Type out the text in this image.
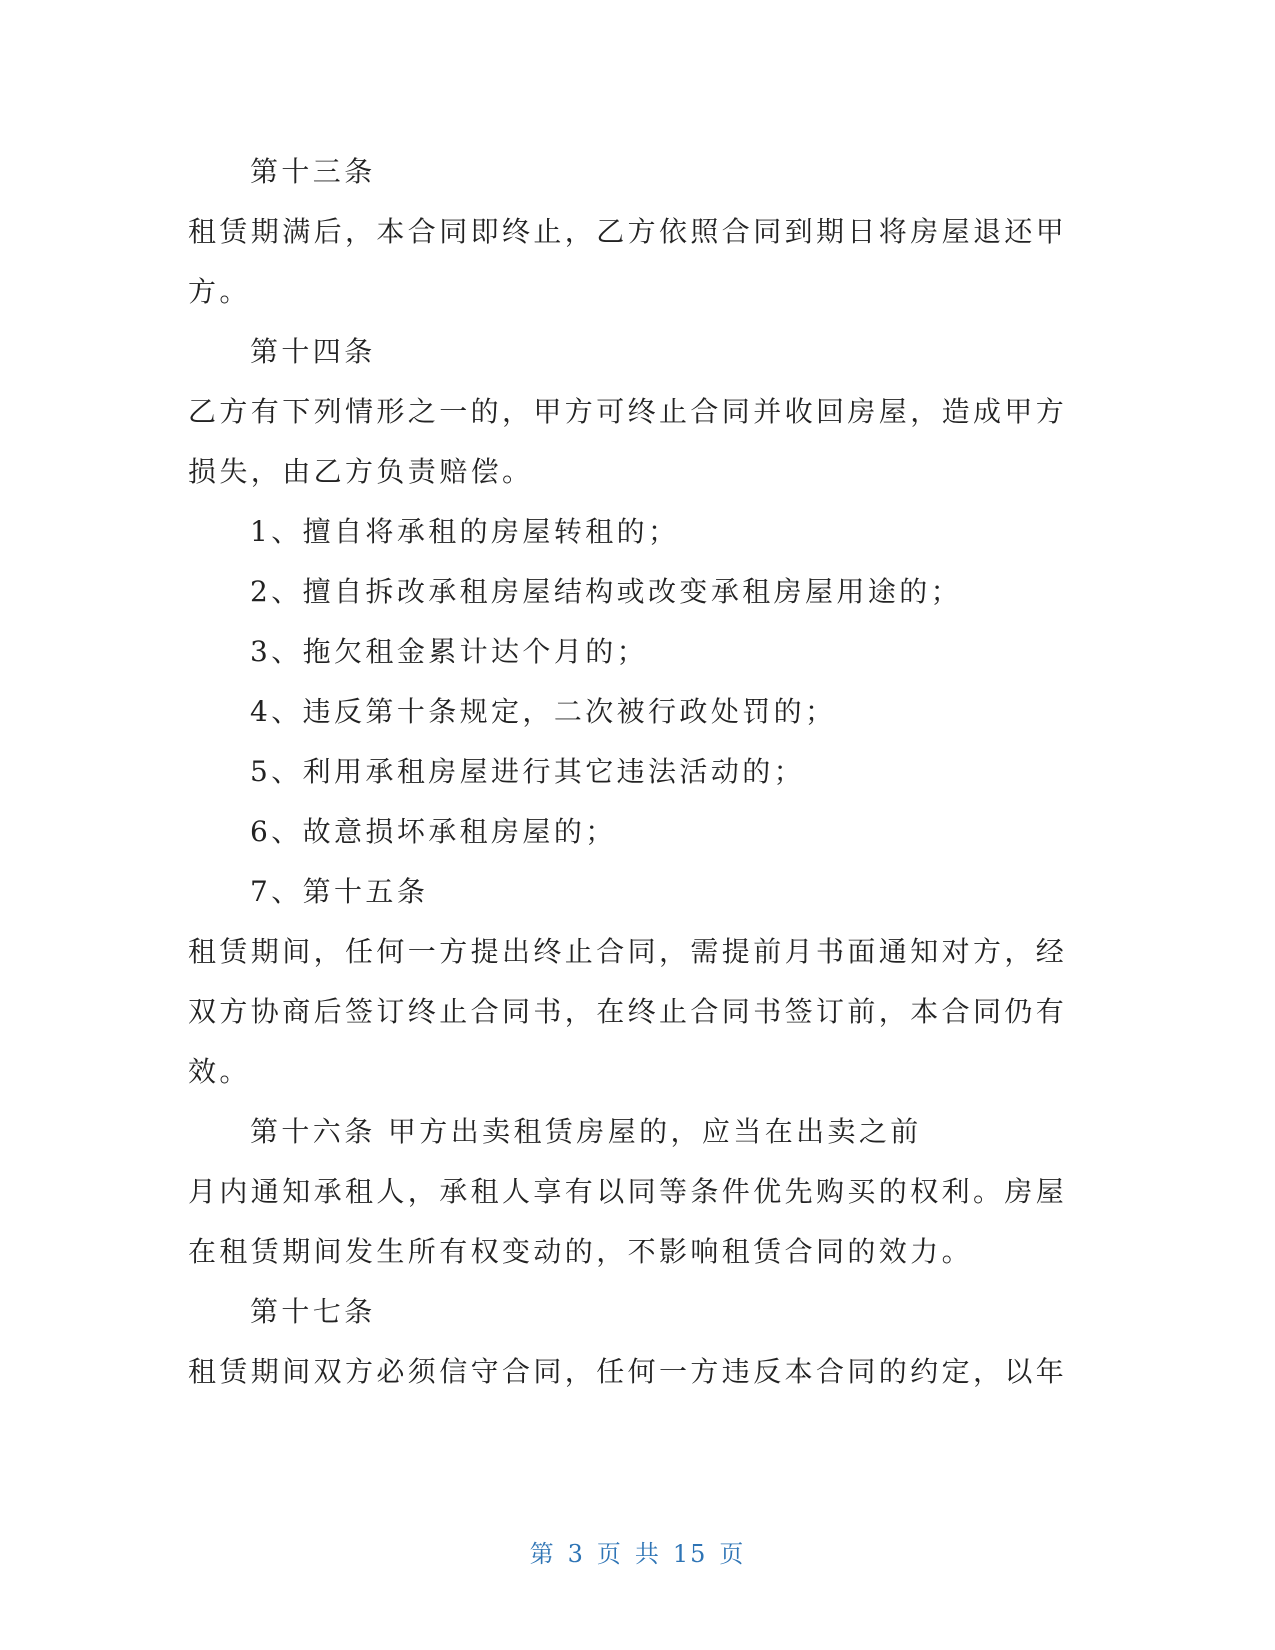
第十三条
租赁期满后，本合同即终止，乙方依照合同到期日将房屋退还甲
方。
第十四条
乙方有下列情形之一的，甲方可终止合同并收回房屋，造成甲方
损失，由乙方负责赔偿。
1、擅自将承租的房屋转租的；
2、擅自拆改承租房屋结构或改变承租房屋用途的；
3、拖欠租金累计达个月的；
4、违反第十条规定，二次被行政处罚的；
5、利用承租房屋进行其它违法活动的；
6、故意损坏承租房屋的；
7、第十五条
租赁期间，任何一方提出终止合同，需提前月书面通知对方，经
双方协商后签订终止合同书，在终止合同书签订前，本合同仍有
效。
第十六条 甲方出卖租赁房屋的，应当在出卖之前
月内通知承租人，承租人享有以同等条件优先购买的权利。房屋
在租赁期间发生所有权变动的，不影响租赁合同的效力。
第十七条
租赁期间双方必须信守合同，任何一方违反本合同的约定，以年
第 3 页 共 15 页
